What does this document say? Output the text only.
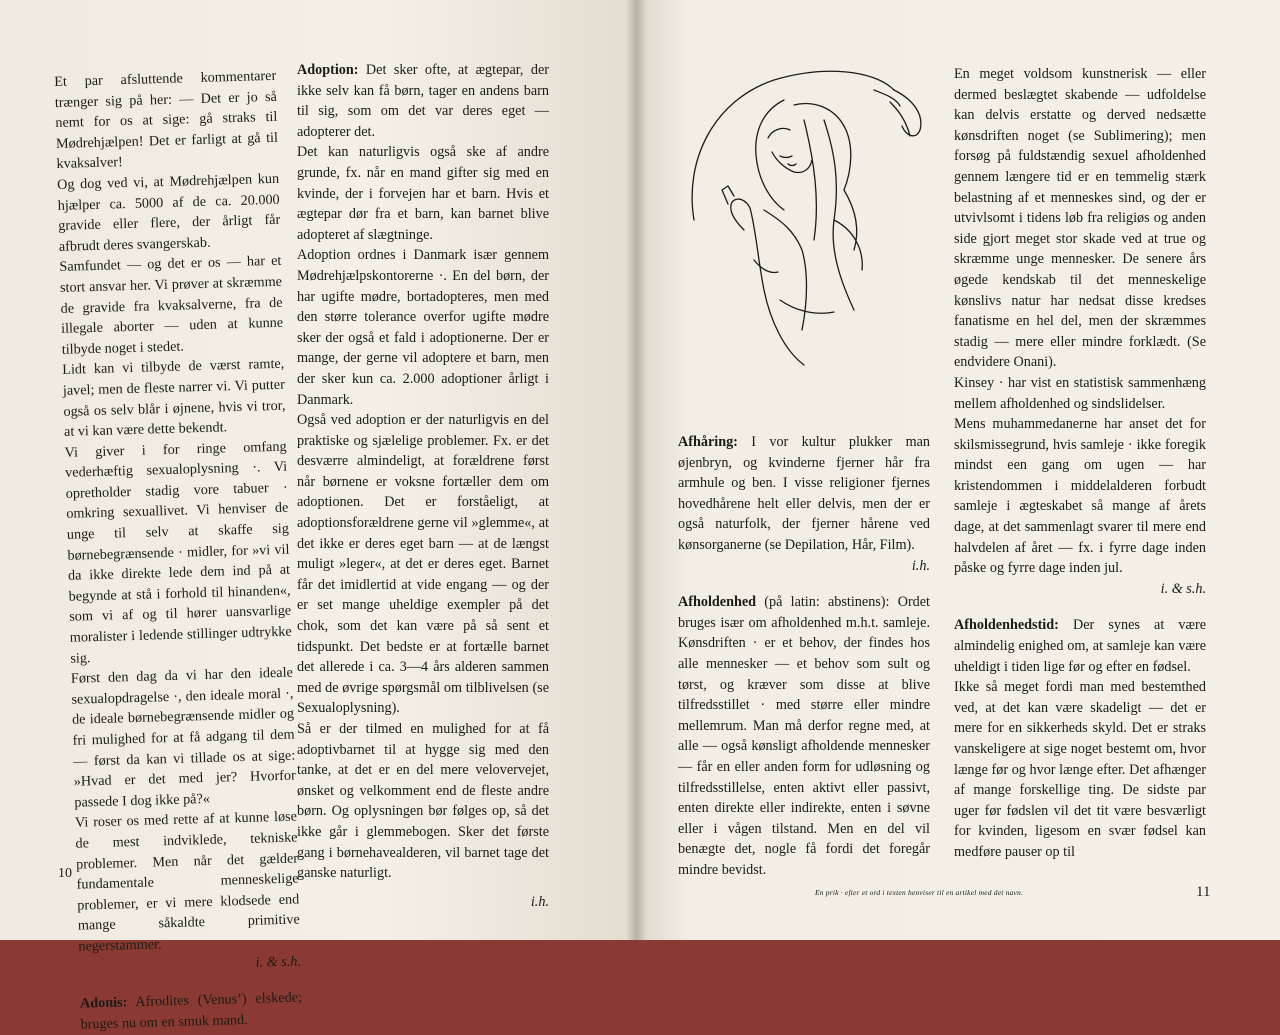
Et par afsluttende kommentarer trænger sig på her: — Det er jo så nemt for os at sige: gå straks til Mødrehjælpen! Det er farligt at gå til kvaksalver!

Og dog ved vi, at Mødrehjælpen kun hjælper ca. 5000 af de ca. 20.000 gravide eller flere, der årligt får afbrudt deres svangerskab.

Samfundet — og det er os — har et stort ansvar her. Vi prøver at skræmme de gravide fra kvaksalverne, fra de illegale aborter — uden at kunne tilbyde noget i stedet.

Lidt kan vi tilbyde de værst ramte, javel; men de fleste narrer vi. Vi putter også os selv blår i øjnene, hvis vi tror, at vi kan være dette bekendt.

Vi giver i for ringe omfang vederhæftig sexualoplysning ·. Vi opretholder stadig vore tabuer · omkring sexuallivet. Vi henviser de unge til selv at skaffe sig børnebegrænsende · midler, for »vi vil da ikke direkte lede dem ind på at begynde at stå i forhold til hinanden«, som vi af og til hører uansvarlige moralister i ledende stillinger udtrykke sig.

Først den dag da vi har den ideale sexualopdragelse ·, den ideale moral ·, de ideale børnebegrænsende midler og fri mulighed for at få adgang til dem — først da kan vi tillade os at sige: »Hvad er det med jer? Hvorfor passede I dog ikke på?«

Vi roser os med rette af at kunne løse de mest indviklede, tekniske problemer. Men når det gælder fundamentale menneskelige problemer, er vi mere klodsede end mange såkaldte primitive negerstammer.

i. & s.h.

Adonis: Afrodites (Venus’) elskede; bruges nu om en smuk mand.

Adoption: Det sker ofte, at ægtepar, der ikke selv kan få børn, tager en andens barn til sig, som om det var deres eget — adopterer det.

Det kan naturligvis også ske af andre grunde, fx. når en mand gifter sig med en kvinde, der i forvejen har et barn. Hvis et ægtepar dør fra et barn, kan barnet blive adopteret af slægtninge.

Adoption ordnes i Danmark især gennem Mødrehjælpskontorerne ·. En del børn, der har ugifte mødre, bortadopteres, men med den større tolerance overfor ugifte mødre sker der også et fald i adoptionerne. Der er mange, der gerne vil adoptere et barn, men der sker kun ca. 2.000 adoptioner årligt i Danmark.

Også ved adoption er der naturligvis en del praktiske og sjælelige problemer. Fx. er det desværre almindeligt, at forældrene først når børnene er voksne fortæller dem om adoptionen. Det er forståeligt, at adoptionsforældrene gerne vil »glemme«, at det ikke er deres eget barn — at de længst muligt »leger«, at det er deres eget. Barnet får det imidlertid at vide engang — og der er set mange uheldige exempler på det chok, som det kan være på så sent et tidspunkt. Det bedste er at fortælle barnet det allerede i ca. 3—4 års alderen sammen med de øvrige spørgsmål om tilblivelsen (se Sexualoplysning).

Så er der tilmed en mulighed for at få adoptivbarnet til at hygge sig med den tanke, at det er en del mere velovervejet, ønsket og velkomment end de fleste andre børn. Og oplysningen bør følges op, så det ikke går i glemmebogen. Sker det første gang i børnehavealderen, vil barnet tage det ganske naturligt.

i.h.

10

Afhåring: I vor kultur plukker man øjenbryn, og kvinderne fjerner hår fra armhule og ben. I visse religioner fjernes hovedhårene helt eller delvis, men der er også naturfolk, der fjerner hårene ved kønsorganerne (se Depilation, Hår, Film).

i.h.

Afholdenhed (på latin: abstinens): Ordet bruges især om afholdenhed m.h.t. samleje. Kønsdriften · er et behov, der findes hos alle mennesker — et behov som sult og tørst, og kræver som disse at blive tilfredsstillet · med større eller mindre mellemrum. Man må derfor regne med, at alle — også kønsligt afholdende mennesker — får en eller anden form for udløsning og tilfredsstillelse, enten aktivt eller passivt, enten direkte eller indirekte, enten i søvne eller i vågen tilstand. Men en del vil benægte det, nogle få fordi det foregår mindre bevidst.

En meget voldsom kunstnerisk — eller dermed beslægtet skabende — udfoldelse kan delvis erstatte og derved nedsætte kønsdriften noget (se Sublimering); men forsøg på fuldstændig sexuel afholdenhed gennem længere tid er en temmelig stærk belastning af et menneskes sind, og der er utvivlsomt i tidens løb fra religiøs og anden side gjort meget stor skade ved at true og skræmme unge mennesker. De senere års øgede kendskab til det menneskelige kønslivs natur har nedsat disse kredses fanatisme en hel del, men der skræmmes stadig — mere eller mindre forklædt. (Se endvidere Onani).

Kinsey · har vist en statistisk sammenhæng mellem afholdenhed og sindslidelser.

Mens muhammedanerne har anset det for skilsmissegrund, hvis samleje · ikke foregik mindst een gang om ugen — har kristendommen i middelalderen forbudt samleje i ægteskabet så mange af årets dage, at det sammenlagt svarer til mere end halvdelen af året — fx. i fyrre dage inden påske og fyrre dage inden jul.

i. & s.h.

Afholdenhedstid: Der synes at være almindelig enighed om, at samleje kan være uheldigt i tiden lige før og efter en fødsel.

Ikke så meget fordi man med bestemthed ved, at det kan være skadeligt — det er mere for en sikkerheds skyld. Det er straks vanskeligere at sige noget bestemt om, hvor længe før og hvor længe efter. Det afhænger af mange forskellige ting. De sidste par uger før fødslen vil det tit være besværligt for kvinden, ligesom en svær fødsel kan medføre pauser op til

En prik · efter et ord i texten henviser til en artikel med det navn.	11
